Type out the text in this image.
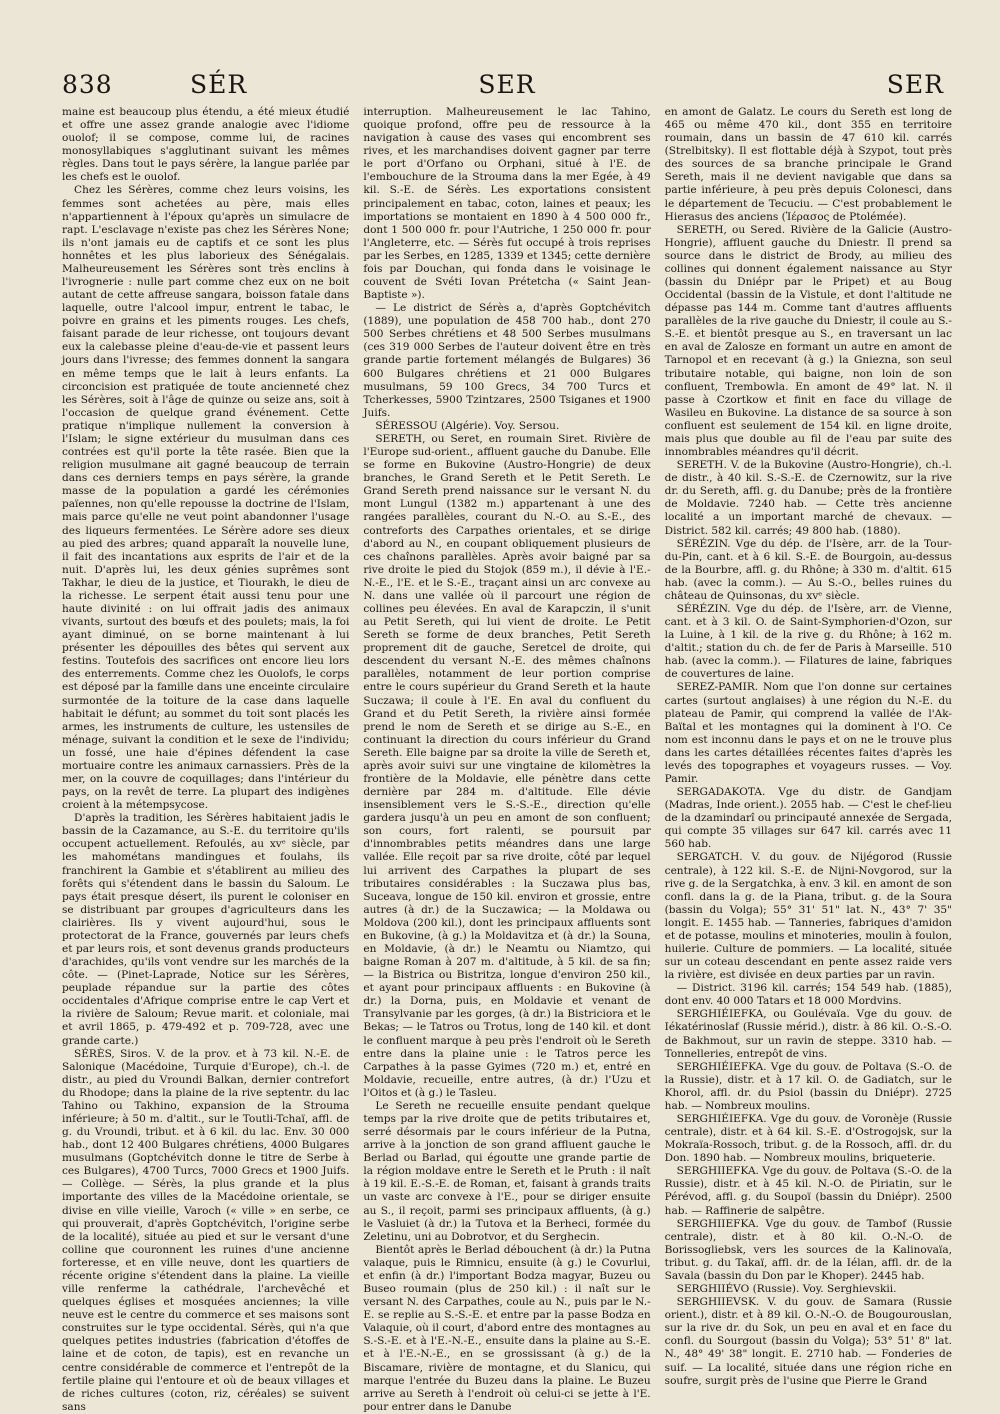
838	SÉR	SER	SER

maine est beaucoup plus étendu, a été mieux étudié et offre une assez grande analogie avec l'idiome ouolof; il se compose, comme lui, de racines monosyllabiques s'agglutinant suivant les mêmes règles. Dans tout le pays sérère, la langue parlée par les chefs est le ouolof.

Chez les Sérères, comme chez leurs voisins, les femmes sont achetées au père, mais elles n'appartiennent à l'époux qu'après un simulacre de rapt. L'esclavage n'existe pas chez les Sérères None; ils n'ont jamais eu de captifs et ce sont les plus honnêtes et les plus laborieux des Sénégalais. Malheureusement les Sérères sont très enclins à l'ivrognerie : nulle part comme chez eux on ne boit autant de cette affreuse sangara, boisson fatale dans laquelle, outre l'alcool impur, entrent le tabac, le poivre en grains et les piments rouges. Les chefs, faisant parade de leur richesse, ont toujours devant eux la calebasse pleine d'eau-de-vie et passent leurs jours dans l'ivresse; des femmes donnent la sangara en même temps que le lait à leurs enfants. La circoncision est pratiquée de toute ancienneté chez les Sérères, soit à l'âge de quinze ou seize ans, soit à l'occasion de quelque grand événement. Cette pratique n'implique nullement la conversion à l'Islam; le signe extérieur du musulman dans ces contrées est qu'il porte la tête rasée. Bien que la religion musulmane ait gagné beaucoup de terrain dans ces derniers temps en pays sérère, la grande masse de la population a gardé les cérémonies païennes, non qu'elle repousse la doctrine de l'Islam, mais parce qu'elle ne veut point abandonner l'usage des liqueurs fermentées. Le Sérère adore ses dieux au pied des arbres; quand apparaît la nouvelle lune, il fait des incantations aux esprits de l'air et de la nuit. D'après lui, les deux génies suprêmes sont Takhar, le dieu de la justice, et Tiourakh, le dieu de la richesse. Le serpent était aussi tenu pour une haute divinité : on lui offrait jadis des animaux vivants, surtout des bœufs et des poulets; mais, la foi ayant diminué, on se borne maintenant à lui présenter les dépouilles des bêtes qui servent aux festins. Toutefois des sacrifices ont encore lieu lors des enterrements. Comme chez les Ouolofs, le corps est déposé par la famille dans une enceinte circulaire surmontée de la toiture de la case dans laquelle habitait le défunt; au sommet du toit sont placés les armes, les instruments de culture, les ustensiles de ménage, suivant la condition et le sexe de l'individu; un fossé, une haie d'épines défendent la case mortuaire contre les animaux carnassiers. Près de la mer, on la couvre de coquillages; dans l'intérieur du pays, on la revêt de terre. La plupart des indigènes croient à la métempsycose.

D'après la tradition, les Sérères habitaient jadis le bassin de la Cazamance, au S.-E. du territoire qu'ils occupent actuellement. Refoulés, au xvᵉ siècle, par les mahométans mandingues et foulahs, ils franchirent la Gambie et s'établirent au milieu des forêts qui s'étendent dans le bassin du Saloum. Le pays était presque désert, ils purent le coloniser en se distribuant par groupes d'agriculteurs dans les clairières. Ils y vivent aujourd'hui, sous le protectorat de la France, gouvernés par leurs chefs et par leurs rois, et sont devenus grands producteurs d'arachides, qu'ils vont vendre sur les marchés de la côte. — (Pinet-Laprade, Notice sur les Sérères, peuplade répandue sur la partie des côtes occidentales d'Afrique comprise entre le cap Vert et la rivière de Saloum; Revue marit. et coloniale, mai et avril 1865, p. 479-492 et p. 709-728, avec une grande carte.)

SÉRÈS, Siros. V. de la prov. et à 73 kil. N.-E. de Salonique (Macédoine, Turquie d'Europe), ch.-l. de distr., au pied du Vroundi Balkan, dernier contrefort du Rhodope; dans la plaine de la rive septentr. du lac Tahino ou Takhino, expansion de la Strouma inférieure; à 50 m. d'altit., sur le Toutli-Tchaï, affl. de g. du Vroundi, tribut. et à 6 kil. du lac. Env. 30 000 hab., dont 12 400 Bulgares chrétiens, 4000 Bulgares musulmans (Goptchévitch donne le titre de Serbe à ces Bulgares), 4700 Turcs, 7000 Grecs et 1900 Juifs. — Collège. — Sérès, la plus grande et la plus importante des villes de la Macédoine orientale, se divise en ville vieille, Varoch (« ville » en serbe, ce qui prouverait, d'après Goptchévitch, l'origine serbe de la localité), située au pied et sur le versant d'une colline que couronnent les ruines d'une ancienne forteresse, et en ville neuve, dont les quartiers de récente origine s'étendent dans la plaine. La vieille ville renferme la cathédrale, l'archevêché et quelques églises et mosquées anciennes; la ville neuve est le centre du commerce et ses maisons sont construites sur le type occidental. Sérès, qui n'a que quelques petites industries (fabrication d'étoffes de laine et de coton, de tapis), est en revanche un centre considérable de commerce et l'entrepôt de la fertile plaine qui l'entoure et où de beaux villages et de riches cultures (coton, riz, céréales) se suivent sans

interruption. Malheureusement le lac Tahino, quoique profond, offre peu de ressource à la navigation à cause des vases qui encombrent ses rives, et les marchandises doivent gagner par terre le port d'Orfano ou Orphani, situé à l'E. de l'embouchure de la Strouma dans la mer Egée, à 49 kil. S.-E. de Sérès. Les exportations consistent principalement en tabac, coton, laines et peaux; les importations se montaient en 1890 à 4 500 000 fr., dont 1 500 000 fr. pour l'Autriche, 1 250 000 fr. pour l'Angleterre, etc. — Sérès fut occupé à trois reprises par les Serbes, en 1285, 1339 et 1345; cette dernière fois par Douchan, qui fonda dans le voisinage le couvent de Svéti Iovan Prétetcha (« Saint Jean-Baptiste »).

— Le district de Sérès a, d'après Goptchévitch (1889), une population de 458 700 hab., dont 270 500 Serbes chrétiens et 48 500 Serbes musulmans (ces 319 000 Serbes de l'auteur doivent être en très grande partie fortement mélangés de Bulgares) 36 600 Bulgares chrétiens et 21 000 Bulgares musulmans, 59 100 Grecs, 34 700 Turcs et Tcherkesses, 5900 Tzintzares, 2500 Tsiganes et 1900 Juifs.

SÉRESSOU (Algérie). Voy. Sersou.

SERETH, ou Seret, en roumain Siret. Rivière de l'Europe sud-orient., affluent gauche du Danube. Elle se forme en Bukovine (Austro-Hongrie) de deux branches, le Grand Sereth et le Petit Sereth. Le Grand Sereth prend naissance sur le versant N. du mont Lungul (1382 m.) appartenant à une des rangées parallèles, courant du N.-O. au S.-E., des contreforts des Carpathes orientales, et se dirige d'abord au N., en coupant obliquement plusieurs de ces chaînons parallèles. Après avoir baigné par sa rive droite le pied du Stojok (859 m.), il dévie à l'E.-N.-E., l'E. et le S.-E., traçant ainsi un arc convexe au N. dans une vallée où il parcourt une région de collines peu élevées. En aval de Karapczin, il s'unit au Petit Sereth, qui lui vient de droite. Le Petit Sereth se forme de deux branches, Petit Sereth proprement dit de gauche, Seretcel de droite, qui descendent du versant N.-E. des mêmes chaînons parallèles, notamment de leur portion comprise entre le cours supérieur du Grand Sereth et la haute Suczawa; il coule à l'E. En aval du confluent du Grand et du Petit Sereth, la rivière ainsi formée prend le nom de Sereth et se dirige au S.-E., en continuant la direction du cours inférieur du Grand Sereth. Elle baigne par sa droite la ville de Sereth et, après avoir suivi sur une vingtaine de kilomètres la frontière de la Moldavie, elle pénètre dans cette dernière par 284 m. d'altitude. Elle dévie insensiblement vers le S.-S.-E., direction qu'elle gardera jusqu'à un peu en amont de son confluent; son cours, fort ralenti, se poursuit par d'innombrables petits méandres dans une large vallée. Elle reçoit par sa rive droite, côté par lequel lui arrivent des Carpathes la plupart de ses tributaires considérables : la Suczawa plus bas, Suceava, longue de 150 kil. environ et grossie, entre autres (à dr.) de la Suczawica; — la Moldawa ou Moldova (200 kil.), dont les principaux affluents sont en Bukovine, (à g.) la Moldavitza et (à dr.) la Souna, en Moldavie, (à dr.) le Neamtu ou Niamtzo, qui baigne Roman à 207 m. d'altitude, à 5 kil. de sa fin; — la Bistrica ou Bistritza, longue d'environ 250 kil., et ayant pour principaux affluents : en Bukovine (à dr.) la Dorna, puis, en Moldavie et venant de Transylvanie par les gorges, (à dr.) la Bistriciora et le Bekas; — le Tatros ou Trotus, long de 140 kil. et dont le confluent marque à peu près l'endroit où le Sereth entre dans la plaine unie : le Tatros perce les Carpathes à la passe Gyimes (720 m.) et, entré en Moldavie, recueille, entre autres, (à dr.) l'Uzu et l'Oitos et (à g.) le Tasleu.

Le Sereth ne recueille ensuite pendant quelque temps par la rive droite que de petits tributaires et, serré désormais par le cours inférieur de la Putna, arrive à la jonction de son grand affluent gauche le Berlad ou Barlad, qui égoutte une grande partie de la région moldave entre le Sereth et le Pruth : il naît à 19 kil. E.-S.-E. de Roman, et, faisant à grands traits un vaste arc convexe à l'E., pour se diriger ensuite au S., il reçoit, parmi ses principaux affluents, (à g.) le Vasluiet (à dr.) la Tutova et la Berheci, formée du Zeletinu, uni au Dobrotvor, et du Serghecin.

Bientôt après le Berlad débouchent (à dr.) la Putna valaque, puis le Rimnicu, ensuite (à g.) le Covurlui, et enfin (à dr.) l'important Bodza magyar, Buzeu ou Buseo roumain (plus de 250 kil.) : il naît sur le versant N. des Carpathes, coule au N., puis par le N.-E. se replie au S.-S.-E. et entre par la passe Bodza en Valaquie, où il court, d'abord entre des montagnes au S.-S.-E. et à l'E.-N.-E., ensuite dans la plaine au S.-E. et à l'E.-N.-E., en se grossissant (à g.) de la Biscamare, rivière de montagne, et du Slanicu, qui marque l'entrée du Buzeu dans la plaine. Le Buzeu arrive au Sereth à l'endroit où celui-ci se jette à l'E. pour entrer dans le Danube

en amont de Galatz. Le cours du Sereth est long de 465 ou même 470 kil., dont 355 en territoire roumain, dans un bassin de 47 610 kil. carrés (Strelbitsky). Il est flottable déjà à Szypot, tout près des sources de sa branche principale le Grand Sereth, mais il ne devient navigable que dans sa partie inférieure, à peu près depuis Colonesci, dans le département de Tecuciu. — C'est probablement le Hierasus des anciens (Ἱέρασος de Ptolémée).

SERETH, ou Sered. Rivière de la Galicie (Austro-Hongrie), affluent gauche du Dniestr. Il prend sa source dans le district de Brody, au milieu des collines qui donnent également naissance au Styr (bassin du Dniépr par le Pripet) et au Boug Occidental (bassin de la Vistule, et dont l'altitude ne dépasse pas 144 m. Comme tant d'autres affluents parallèles de la rive gauche du Dniestr, il coule au S.-S.-E. et bientôt presque au S., en traversant un lac en aval de Zalosze en formant un autre en amont de Tarnopol et en recevant (à g.) la Gniezna, son seul tributaire notable, qui baigne, non loin de son confluent, Trembowla. En amont de 49° lat. N. il passe à Czortkow et finit en face du village de Wasileu en Bukovine. La distance de sa source à son confluent est seulement de 154 kil. en ligne droite, mais plus que double au fil de l'eau par suite des innombrables méandres qu'il décrit.

SERETH. V. de la Bukovine (Austro-Hongrie), ch.-l. de distr., à 40 kil. S.-S.-E. de Czernowitz, sur la rive dr. du Sereth, affl. g. du Danube; près de la frontière de Moldavie. 7240 hab. — Cette très ancienne localité a un important marché de chevaux. — District. 582 kil. carrés; 49 800 hab. (1880).

SÉRÉZIN. Vge du dép. de l'Isère, arr. de la Tour-du-Pin, cant. et à 6 kil. S.-E. de Bourgoin, au-dessus de la Bourbre, affl. g. du Rhône; à 330 m. d'altit. 615 hab. (avec la comm.). — Au S.-O., belles ruines du château de Quinsonas, du xvᵉ siècle.

SÉRÉZIN. Vge du dép. de l'Isère, arr. de Vienne, cant. et à 3 kil. O. de Saint-Symphorien-d'Ozon, sur la Luine, à 1 kil. de la rive g. du Rhône; à 162 m. d'altit.; station du ch. de fer de Paris à Marseille. 510 hab. (avec la comm.). — Filatures de laine, fabriques de couvertures de laine.

SEREZ-PAMIR. Nom que l'on donne sur certaines cartes (surtout anglaises) à une région du N.-E. du plateau de Pamir, qui comprend la vallée de l'Ak-Baïtal et les montagnes qui la dominent à l'O. Ce nom est inconnu dans le pays et on ne le trouve plus dans les cartes détaillées récentes faites d'après les levés des topographes et voyageurs russes. — Voy. Pamir.

SERGADAKOTA. Vge du distr. de Gandjam (Madras, Inde orient.). 2055 hab. — C'est le chef-lieu de la dzamindarî ou principauté annexée de Sergada, qui compte 35 villages sur 647 kil. carrés avec 11 560 hab.

SERGATCH. V. du gouv. de Nijégorod (Russie centrale), à 122 kil. S.-E. de Nijni-Novgorod, sur la rive g. de la Sergatchka, à env. 3 kil. en amont de son confl. dans la g. de la Piana, tribut. g. de la Soura (bassin du Volga); 55° 31' 51" lat. N., 43° 7' 35" longit. E. 1455 hab. — Tanneries, fabriques d'amidon et de potasse, moulins et minoteries, moulin à foulon, huilerie. Culture de pommiers. — La localité, située sur un coteau descendant en pente assez raide vers la rivière, est divisée en deux parties par un ravin.

— District. 3196 kil. carrés; 154 549 hab. (1885), dont env. 40 000 Tatars et 18 000 Mordvins.

SERGHIÉIEFKA, ou Goulévaïa. Vge du gouv. de Iékatérinoslaf (Russie mérid.), distr. à 86 kil. O.-S.-O. de Bakhmout, sur un ravin de steppe. 3310 hab. — Tonnelleries, entrepôt de vins.

SERGHIÉIEFKA. Vge du gouv. de Poltava (S.-O. de la Russie), distr. et à 17 kil. O. de Gadiatch, sur le Khorol, affl. dr. du Psiol (bassin du Dniépr). 2725 hab. — Nombreux moulins.

SERGHIÉIEFKA. Vge du gouv. de Voronèje (Russie centrale), distr. et à 64 kil. S.-E. d'Ostrogojsk, sur la Mokraïa-Rossoch, tribut. g. de la Rossoch, affl. dr. du Don. 1890 hab. — Nombreux moulins, briqueterie.

SERGHIIEFKA. Vge du gouv. de Poltava (S.-O. de la Russie), distr. et à 45 kil. N.-O. de Piriatin, sur le Pérévod, affl. g. du Soupoï (bassin du Dniépr). 2500 hab. — Raffinerie de salpêtre.

SERGHIIEFKA. Vge du gouv. de Tambof (Russie centrale), distr. et à 80 kil. O.-N.-O. de Borissogliebsk, vers les sources de la Kalinovaïa, tribut. g. du Takaï, affl. dr. de la Iélan, affl. dr. de la Savala (bassin du Don par le Khoper). 2445 hab.

SERGHIIÉVO (Russie). Voy. Serghievskii.

SERGHIIEVSK. V. du gouv. de Samara (Russie orient.), distr. et à 89 kil. O.-N.-O. de Bougourouslan, sur la rive dr. du Sok, un peu en aval et en face du confl. du Sourgout (bassin du Volga); 53° 51' 8" lat. N., 48° 49' 38" longit. E. 2710 hab. — Fonderies de suif. — La localité, située dans une région riche en soufre, surgit près de l'usine que Pierre le Grand
